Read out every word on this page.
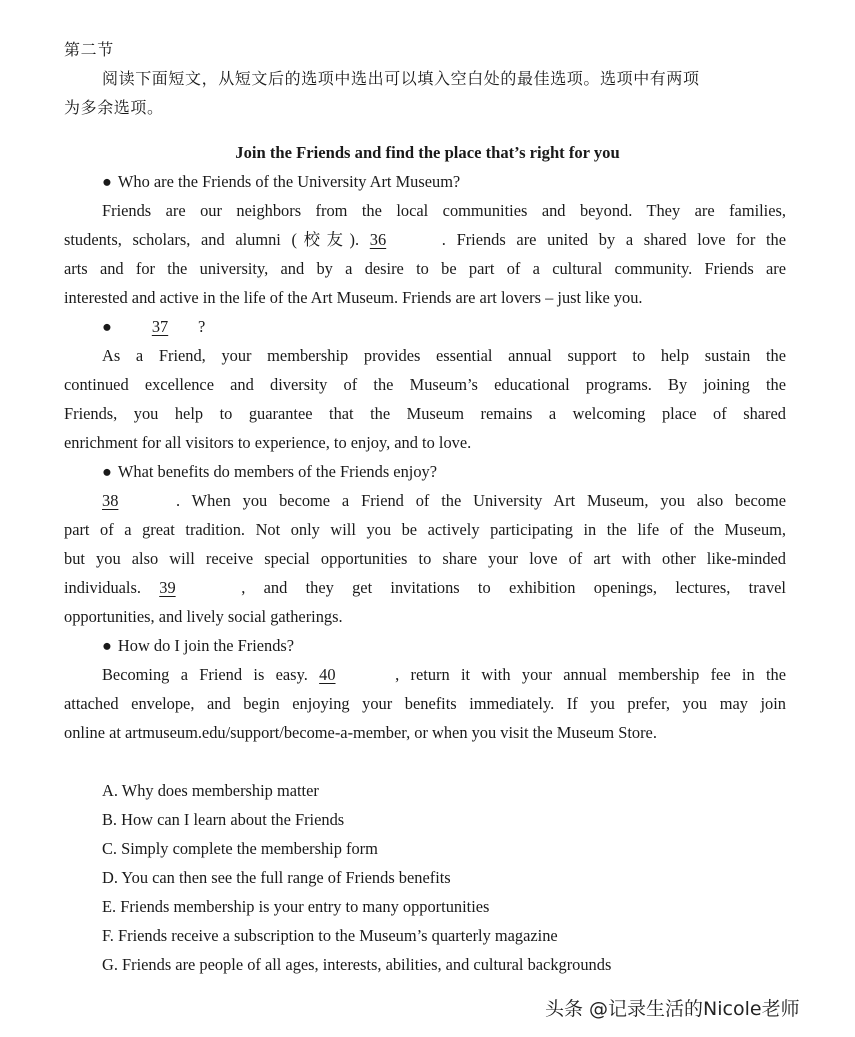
第二节
阅读下面短文，从短文后的选项中选出可以填入空白处的最佳选项。选项中有两项
为多余选项。
Join the Friends and find the place that’s right for you
● Who are the Friends of the University Art Museum?
Friends are our neighbors from the local communities and beyond. They are families,
students, scholars, and alumni (校友). 36	. Friends are united by a shared love for the
arts and for the university, and by a desire to be part of a cultural community. Friends are
interested and active in the life of the Art Museum. Friends are art lovers – just like you.
● 37 ?
As a Friend, your membership provides essential annual support to help sustain the
continued excellence and diversity of the Museum’s educational programs. By joining the
Friends, you help to guarantee that the Museum remains a welcoming place of shared
enrichment for all visitors to experience, to enjoy, and to love.
● What benefits do members of the Friends enjoy?
38	. When you become a Friend of the University Art Museum, you also become
part of a great tradition. Not only will you be actively participating in the life of the Museum,
but you also will receive special opportunities to share your love of art with other like-minded
individuals. 39	, and they get invitations to exhibition openings, lectures, travel
opportunities, and lively social gatherings.
● How do I join the Friends?
Becoming a Friend is easy. 40	, return it with your annual membership fee in the
attached envelope, and begin enjoying your benefits immediately. If you prefer, you may join
online at artmuseum.edu/support/become-a-member, or when you visit the Museum Store.
A. Why does membership matter
B. How can I learn about the Friends
C. Simply complete the membership form
D. You can then see the full range of Friends benefits
E. Friends membership is your entry to many opportunities
F. Friends receive a subscription to the Museum’s quarterly magazine
G. Friends are people of all ages, interests, abilities, and cultural backgrounds
头条 @记录生活的Nicole老师
